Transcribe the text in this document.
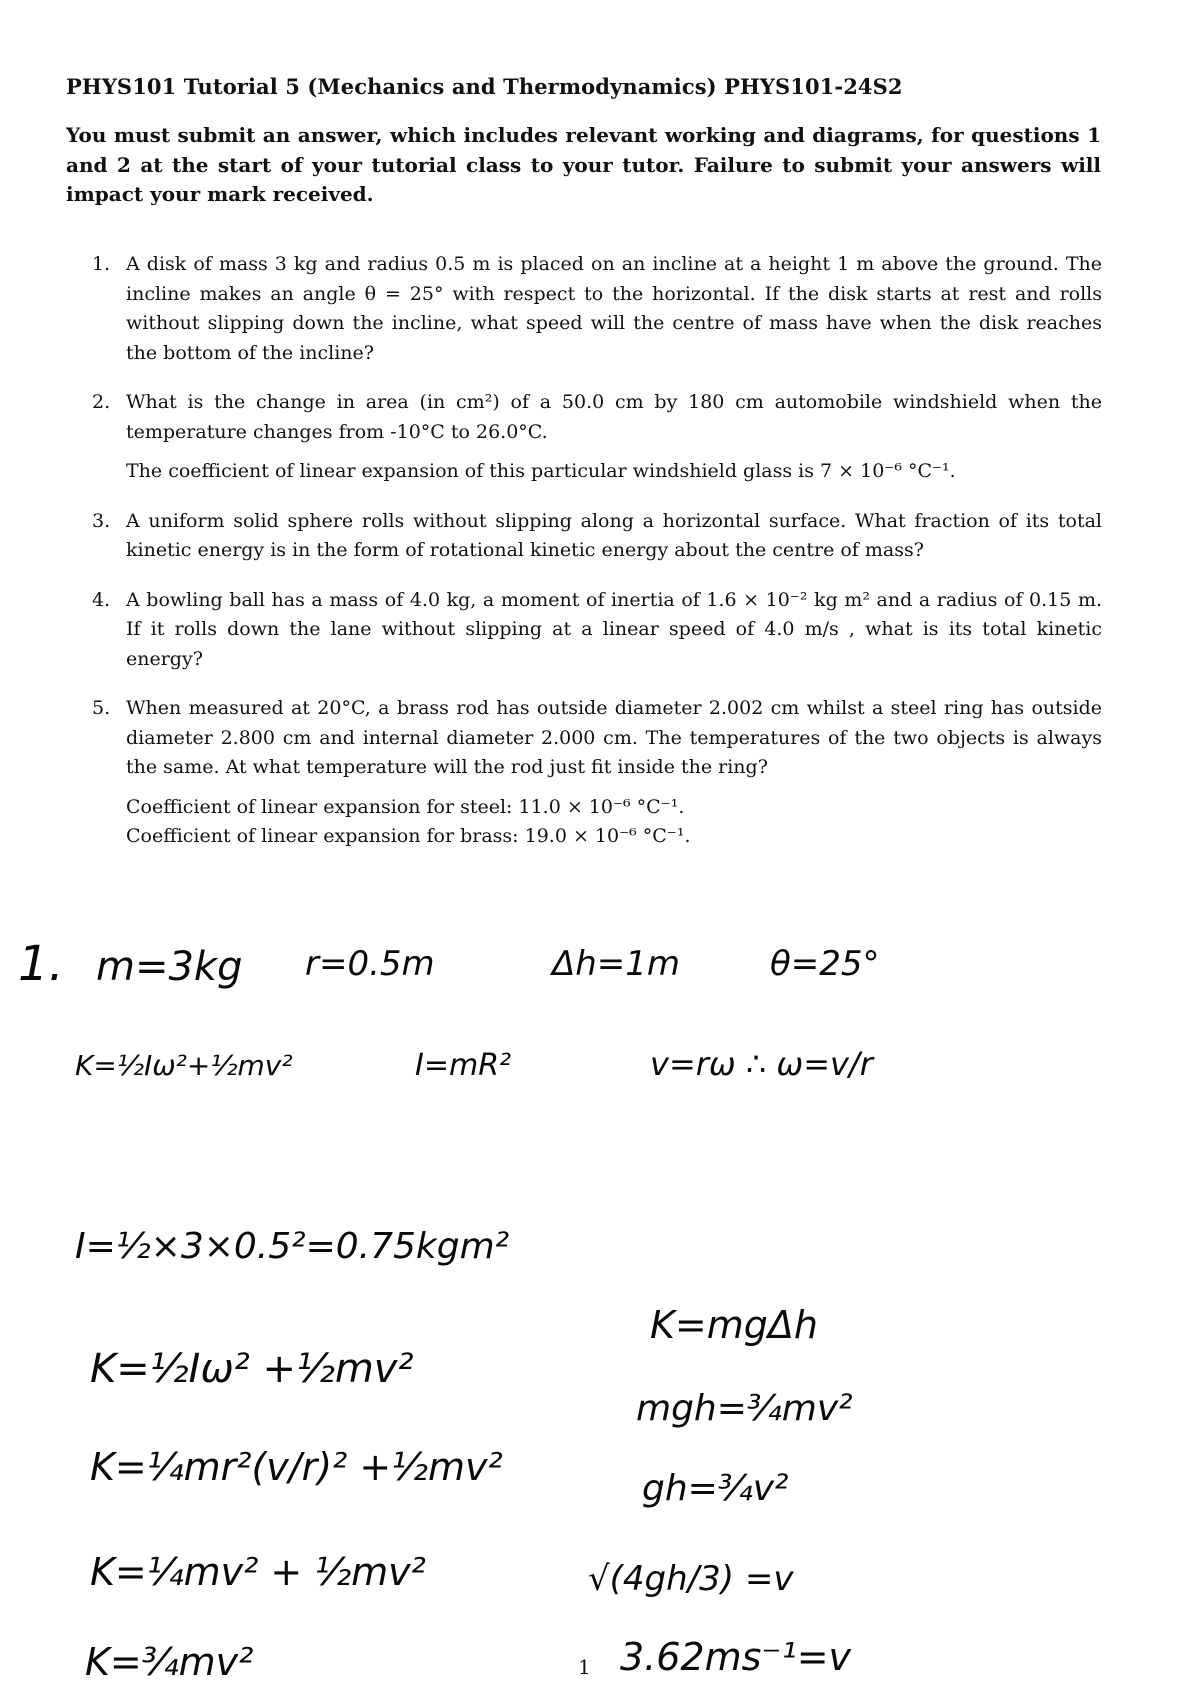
PHYS101 Tutorial 5 (Mechanics and Thermodynamics) PHYS101-24S2
You must submit an answer, which includes relevant working and diagrams, for questions 1 and 2 at the start of your tutorial class to your tutor. Failure to submit your answers will impact your mark received.
1. A disk of mass 3 kg and radius 0.5 m is placed on an incline at a height 1 m above the ground. The incline makes an angle θ = 25° with respect to the horizontal. If the disk starts at rest and rolls without slipping down the incline, what speed will the centre of mass have when the disk reaches the bottom of the incline?

2. What is the change in area (in cm²) of a 50.0 cm by 180 cm automobile windshield when the temperature changes from -10°C to 26.0°C.

The coefficient of linear expansion of this particular windshield glass is 7 × 10⁻⁶ °C⁻¹.

3. A uniform solid sphere rolls without slipping along a horizontal surface. What fraction of its total kinetic energy is in the form of rotational kinetic energy about the centre of mass?

4. A bowling ball has a mass of 4.0 kg, a moment of inertia of 1.6 × 10⁻² kg m² and a radius of 0.15 m. If it rolls down the lane without slipping at a linear speed of 4.0 m/s , what is its total kinetic energy?

5. When measured at 20°C, a brass rod has outside diameter 2.002 cm whilst a steel ring has outside diameter 2.800 cm and internal diameter 2.000 cm. The temperatures of the two objects is always the same. At what temperature will the rod just fit inside the ring?

Coefficient of linear expansion for steel: 11.0 × 10⁻⁶ °C⁻¹.
Coefficient of linear expansion for brass: 19.0 × 10⁻⁶ °C⁻¹.

1. m=3kg r=0.5m	Δh=1m	θ=25°
K=½Iω²+½mv²	I=mR²	v=rω ∴ ω=v/r
I=½×3×0.5²=0.75kgm²
K=½Iω² +½mv²
K=¼mr²(v/r)² +½mv²
K=¼mv² + ½mv²
K=¾mv²
K=mgΔh
mgh=¾mv²
gh=¾v²
√(4gh/3) =v
3.62ms⁻¹=v
1
